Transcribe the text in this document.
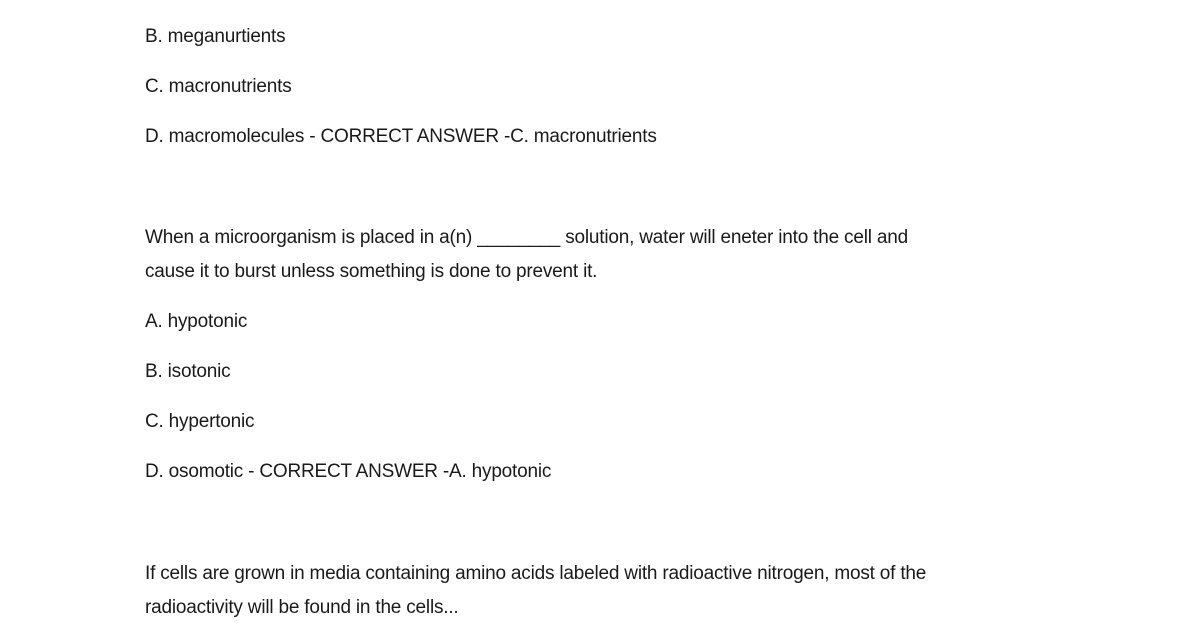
B. meganurtients
C. macronutrients
D. macromolecules - CORRECT ANSWER -C. macronutrients
When a microorganism is placed in a(n) ________ solution, water will eneter into the cell and
cause it to burst unless something is done to prevent it.
A. hypotonic
B. isotonic
C. hypertonic
D. osomotic - CORRECT ANSWER -A. hypotonic
If cells are grown in media containing amino acids labeled with radioactive nitrogen, most of the
radioactivity will be found in the cells...
